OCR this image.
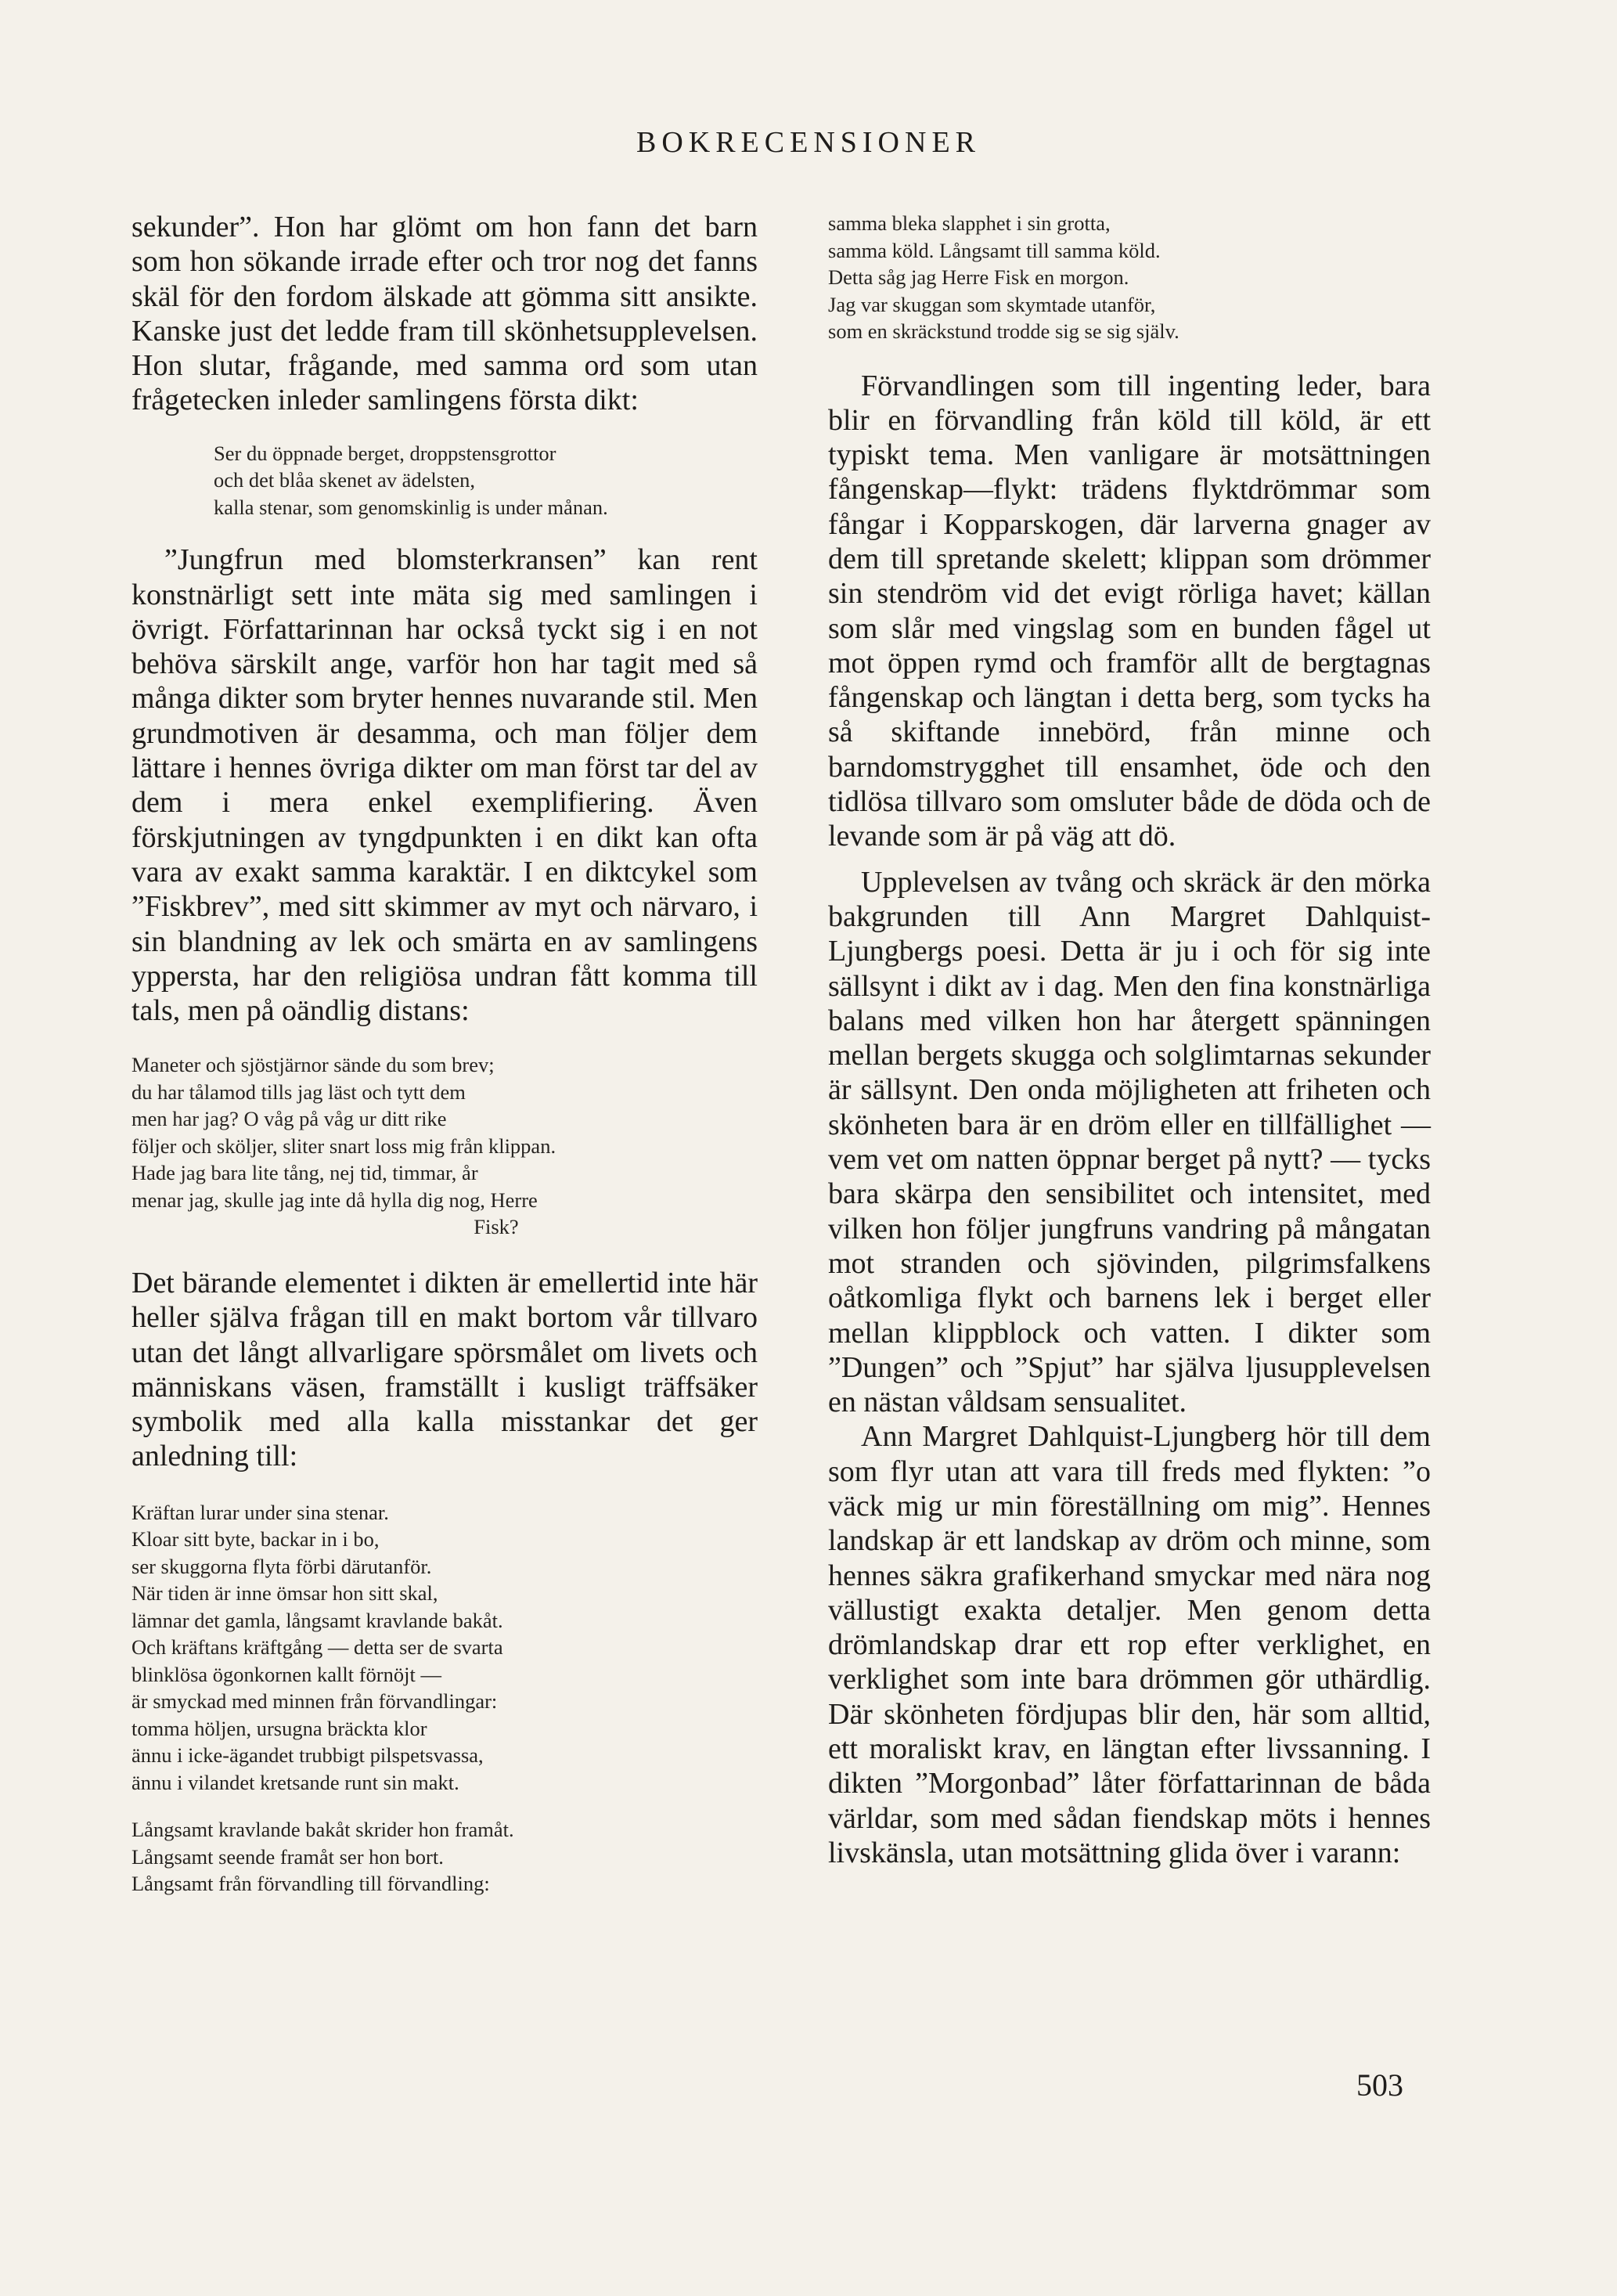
BOKRECENSIONER

sekunder”. Hon har glömt om hon fann det barn som hon sökande irrade efter och tror nog det fanns skäl för den fordom älskade att gömma sitt ansikte. Kanske just det ledde fram till skönhetsupplevelsen. Hon slutar, frågande, med samma ord som utan frågetecken inleder samlingens första dikt:

Ser du öppnade berget, droppstensgrottor
och det blåa skenet av ädelsten,
kalla stenar, som genomskinlig is under månan.

”Jungfrun med blomsterkransen” kan rent konstnärligt sett inte mäta sig med samlingen i övrigt. Författarinnan har också tyckt sig i en not behöva särskilt ange, varför hon har tagit med så många dikter som bryter hennes nuvarande stil. Men grundmotiven är desamma, och man följer dem lättare i hennes övriga dikter om man först tar del av dem i mera enkel exemplifiering. Även förskjutningen av tyngdpunkten i en dikt kan ofta vara av exakt samma karaktär. I en diktcykel som ”Fiskbrev”, med sitt skimmer av myt och närvaro, i sin blandning av lek och smärta en av samlingens yppersta, har den religiösa undran fått komma till tals, men på oändlig distans:

Maneter och sjöstjärnor sände du som brev;
du har tålamod tills jag läst och tytt dem
men har jag? O våg på våg ur ditt rike
följer och sköljer, sliter snart loss mig från klippan.
Hade jag bara lite tång, nej tid, timmar, år
menar jag, skulle jag inte då hylla dig nog, Herre
Fisk?

Det bärande elementet i dikten är emellertid inte här heller själva frågan till en makt bortom vår tillvaro utan det långt allvarligare spörsmålet om livets och människans väsen, framställt i kusligt träffsäker symbolik med alla kalla misstankar det ger anledning till:

Kräftan lurar under sina stenar.
Kloar sitt byte, backar in i bo,
ser skuggorna flyta förbi därutanför.
När tiden är inne ömsar hon sitt skal,
lämnar det gamla, långsamt kravlande bakåt.
Och kräftans kräftgång — detta ser de svarta
blinklösa ögonkornen kallt förnöjt —
är smyckad med minnen från förvandlingar:
tomma höljen, ursugna bräckta klor
ännu i icke-ägandet trubbigt pilspetsvassa,
ännu i vilandet kretsande runt sin makt.

Långsamt kravlande bakåt skrider hon framåt.
Långsamt seende framåt ser hon bort.
Långsamt från förvandling till förvandling:

samma bleka slapphet i sin grotta,
samma köld. Långsamt till samma köld.
Detta såg jag Herre Fisk en morgon.
Jag var skuggan som skymtade utanför,
som en skräckstund trodde sig se sig själv.

Förvandlingen som till ingenting leder, bara blir en förvandling från köld till köld, är ett typiskt tema. Men vanligare är motsättningen fångenskap—flykt: trädens flyktdrömmar som fångar i Kopparskogen, där larverna gnager av dem till spretande skelett; klippan som drömmer sin stendröm vid det evigt rörliga havet; källan som slår med vingslag som en bunden fågel ut mot öppen rymd och framför allt de bergtagnas fångenskap och längtan i detta berg, som tycks ha så skiftande innebörd, från minne och barndomstrygghet till ensamhet, öde och den tidlösa tillvaro som omsluter både de döda och de levande som är på väg att dö.

Upplevelsen av tvång och skräck är den mörka bakgrunden till Ann Margret Dahlquist-Ljungbergs poesi. Detta är ju i och för sig inte sällsynt i dikt av i dag. Men den fina konstnärliga balans med vilken hon har återgett spänningen mellan bergets skugga och solglimtarnas sekunder är sällsynt. Den onda möjligheten att friheten och skönheten bara är en dröm eller en tillfällighet — vem vet om natten öppnar berget på nytt? — tycks bara skärpa den sensibilitet och intensitet, med vilken hon följer jungfruns vandring på mångatan mot stranden och sjövinden, pilgrimsfalkens oåtkomliga flykt och barnens lek i berget eller mellan klippblock och vatten. I dikter som ”Dungen” och ”Spjut” har själva ljusupplevelsen en nästan våldsam sensualitet.

Ann Margret Dahlquist-Ljungberg hör till dem som flyr utan att vara till freds med flykten: ”o väck mig ur min föreställning om mig”. Hennes landskap är ett landskap av dröm och minne, som hennes säkra grafikerhand smyckar med nära nog vällustigt exakta detaljer. Men genom detta drömlandskap drar ett rop efter verklighet, en verklighet som inte bara drömmen gör uthärdlig. Där skönheten fördjupas blir den, här som alltid, ett moraliskt krav, en längtan efter livssanning. I dikten ”Morgonbad” låter författarinnan de båda världar, som med sådan fiendskap möts i hennes livskänsla, utan motsättning glida över i varann:

503
